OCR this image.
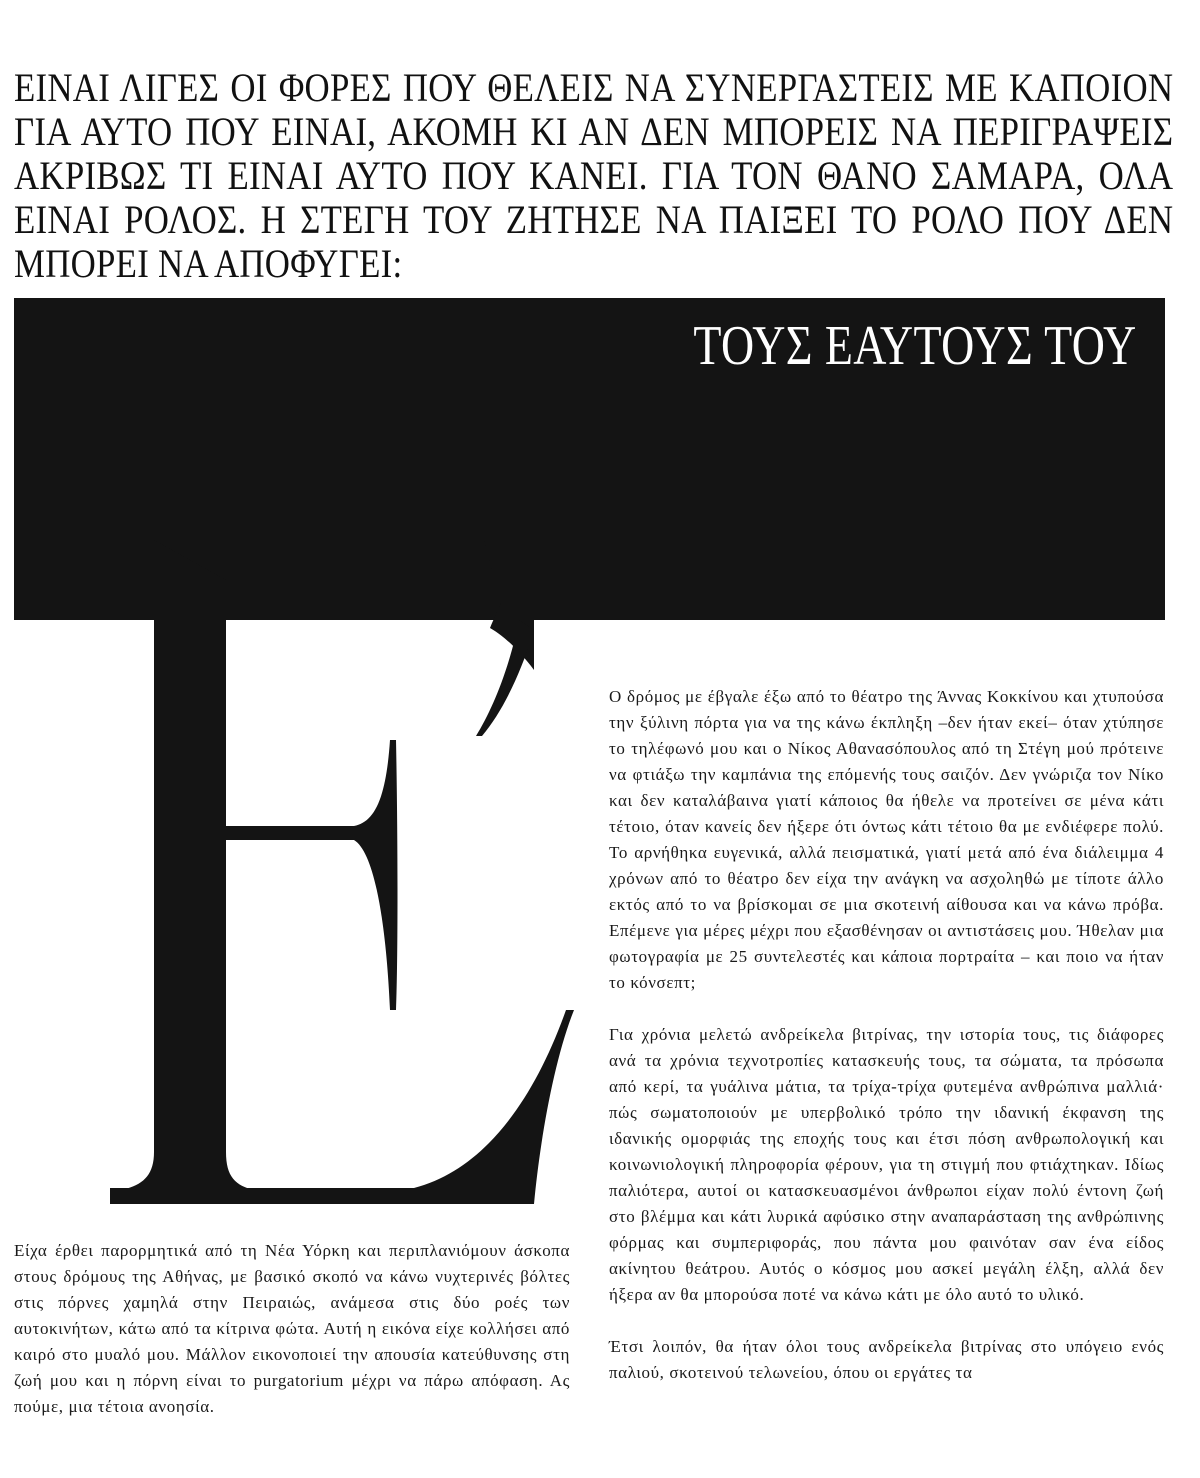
ΕΙΝΑΙ ΛΙΓΕΣ ΟΙ ΦΟΡΕΣ ΠΟΥ ΘΕΛΕΙΣ ΝΑ ΣΥΝΕΡΓΑΣΤΕΙΣ ΜΕ ΚΑΠΟΙΟΝ ΓΙΑ ΑΥΤΟ ΠΟΥ ΕΙΝΑΙ, ΑΚΟΜΗ ΚΙ ΑΝ ΔΕΝ ΜΠΟΡΕΙΣ ΝΑ ΠΕΡΙΓΡΑΨΕΙΣ ΑΚΡΙΒΩΣ ΤΙ ΕΙΝΑΙ ΑΥΤΟ ΠΟΥ ΚΑΝΕΙ. ΓΙΑ ΤΟΝ ΘΑΝΟ ΣΑΜΑΡΑ, ΟΛΑ ΕΙΝΑΙ ΡΟΛΟΣ. Η ΣΤΕΓΗ ΤΟΥ ΖΗΤΗΣΕ ΝΑ ΠΑΙΞΕΙ ΤΟ ΡΟΛΟ ΠΟΥ ΔΕΝ ΜΠΟΡΕΙ ΝΑ ΑΠΟΦΥΓΕΙ:

ΤΟΥΣ ΕΑΥΤΟΥΣ ΤΟΥ

Είχα έρθει παρορμητικά από τη Νέα Υόρκη και περιπλανιόμουν άσκοπα στους δρόμους της Αθήνας, με βασικό σκοπό να κάνω νυχτερινές βόλτες στις πόρνες χαμηλά στην Πειραιώς, ανάμεσα στις δύο ροές των αυτοκινήτων, κάτω από τα κίτρινα φώτα. Αυτή η εικόνα είχε κολλήσει από καιρό στο μυαλό μου. Μάλλον εικονοποιεί την απουσία κατεύθυνσης στη ζωή μου και η πόρνη είναι το purgatorium μέχρι να πάρω απόφαση. Ας πούμε, μια τέτοια ανοησία.

Ο δρόμος με έβγαλε έξω από το θέατρο της Άννας Κοκκίνου και χτυπούσα την ξύλινη πόρτα για να της κάνω έκπληξη –δεν ήταν εκεί– όταν χτύπησε το τηλέφωνό μου και ο Νίκος Αθανασόπουλος από τη Στέγη μού πρότεινε να φτιάξω την καμπάνια της επόμενής τους σαιζόν. Δεν γνώριζα τον Νίκο και δεν καταλάβαινα γιατί κάποιος θα ήθελε να προτείνει σε μένα κάτι τέτοιο, όταν κανείς δεν ήξερε ότι όντως κάτι τέτοιο θα με ενδιέφερε πολύ. Το αρνήθηκα ευγενικά, αλλά πεισματικά, γιατί μετά από ένα διάλειμμα 4 χρόνων από το θέατρο δεν είχα την ανάγκη να ασχοληθώ με τίποτε άλλο εκτός από το να βρίσκομαι σε μια σκοτεινή αίθουσα και να κάνω πρόβα. Επέμενε για μέρες μέχρι που εξασθένησαν οι αντιστάσεις μου. Ήθελαν μια φωτογραφία με 25 συντελεστές και κάποια πορτραίτα – και ποιο να ήταν το κόνσεπτ;

Για χρόνια μελετώ ανδρείκελα βιτρίνας, την ιστορία τους, τις διάφορες ανά τα χρόνια τεχνοτροπίες κατασκευής τους, τα σώματα, τα πρόσωπα από κερί, τα γυάλινα μάτια, τα τρίχα-τρίχα φυτεμένα ανθρώπινα μαλλιά· πώς σωματοποιούν με υπερβολικό τρόπο την ιδανική έκφανση της ιδανικής ομορφιάς της εποχής τους και έτσι πόση ανθρωπολογική και κοινωνιολογική πληροφορία φέρουν, για τη στιγμή που φτιάχτηκαν. Ιδίως παλιότερα, αυτοί οι κατασκευασμένοι άνθρωποι είχαν πολύ έντονη ζωή στο βλέμμα και κάτι λυρικά αφύσικο στην αναπαράσταση της ανθρώπινης φόρμας και συμπεριφοράς, που πάντα μου φαινόταν σαν ένα είδος ακίνητου θεάτρου. Αυτός ο κόσμος μου ασκεί μεγάλη έλξη, αλλά δεν ήξερα αν θα μπορούσα ποτέ να κάνω κάτι με όλο αυτό το υλικό.

Έτσι λοιπόν, θα ήταν όλοι τους ανδρείκελα βιτρίνας στο υπόγειο ενός παλιού, σκοτεινού τελωνείου, όπου οι εργάτες τα
